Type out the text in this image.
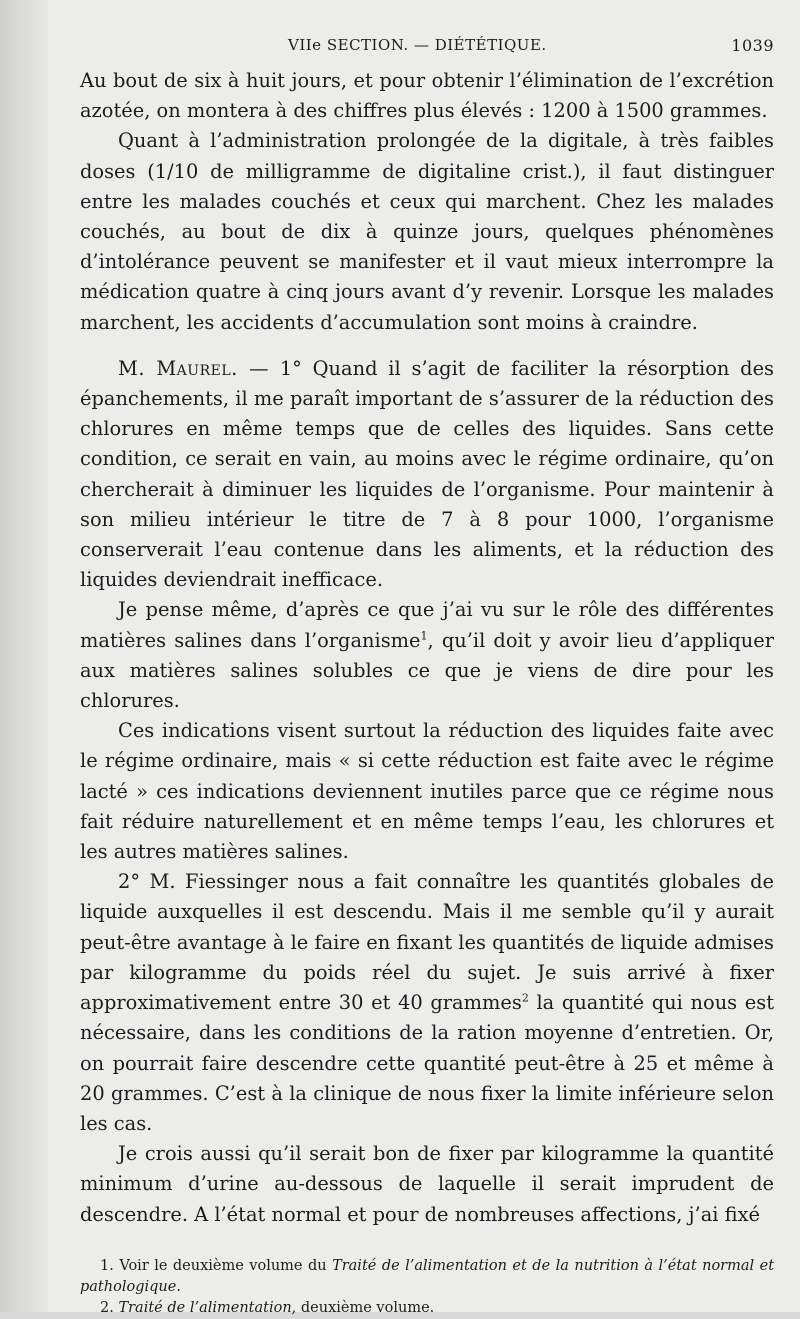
VIIe SECTION. — DIÉTÉTIQUE.	1039

Au bout de six à huit jours, et pour obtenir l’élimination de l’excrétion azotée, on montera à des chiffres plus élevés : 1200 à 1500 grammes.

Quant à l’administration prolongée de la digitale, à très faibles doses (1/10 de milligramme de digitaline crist.), il faut distinguer entre les malades couchés et ceux qui marchent. Chez les malades couchés, au bout de dix à quinze jours, quelques phénomènes d’intolérance peuvent se manifester et il vaut mieux interrompre la médication quatre à cinq jours avant d’y revenir. Lorsque les malades marchent, les accidents d’accumulation sont moins à craindre.

M. Maurel. — 1° Quand il s’agit de faciliter la résorption des épanchements, il me paraît important de s’assurer de la réduction des chlorures en même temps que de celles des liquides. Sans cette condition, ce serait en vain, au moins avec le régime ordinaire, qu’on chercherait à diminuer les liquides de l’organisme. Pour maintenir à son milieu intérieur le titre de 7 à 8 pour 1000, l’organisme conserverait l’eau contenue dans les aliments, et la réduction des liquides deviendrait inefficace.

Je pense même, d’après ce que j’ai vu sur le rôle des différentes matières salines dans l’organisme$^1$, qu’il doit y avoir lieu d’appliquer aux matières salines solubles ce que je viens de dire pour les chlorures.

Ces indications visent surtout la réduction des liquides faite avec le régime ordinaire, mais « si cette réduction est faite avec le régime lacté » ces indications deviennent inutiles parce que ce régime nous fait réduire naturellement et en même temps l’eau, les chlorures et les autres matières salines.

2° M. Fiessinger nous a fait connaître les quantités globales de liquide auxquelles il est descendu. Mais il me semble qu’il y aurait peut-être avantage à le faire en fixant les quantités de liquide admises par kilogramme du poids réel du sujet. Je suis arrivé à fixer approximativement entre 30 et 40 grammes$^2$ la quantité qui nous est nécessaire, dans les conditions de la ration moyenne d’entretien. Or, on pourrait faire descendre cette quantité peut-être à 25 et même à 20 grammes. C’est à la clinique de nous fixer la limite inférieure selon les cas.

Je crois aussi qu’il serait bon de fixer par kilogramme la quantité minimum d’urine au-dessous de laquelle il serait imprudent de descendre. A l’état normal et pour de nombreuses affections, j’ai fixé

1. Voir le deuxième volume du Traité de l’alimentation et de la nutrition à l’état normal et pathologique.

2. Traité de l’alimentation, deuxième volume.
